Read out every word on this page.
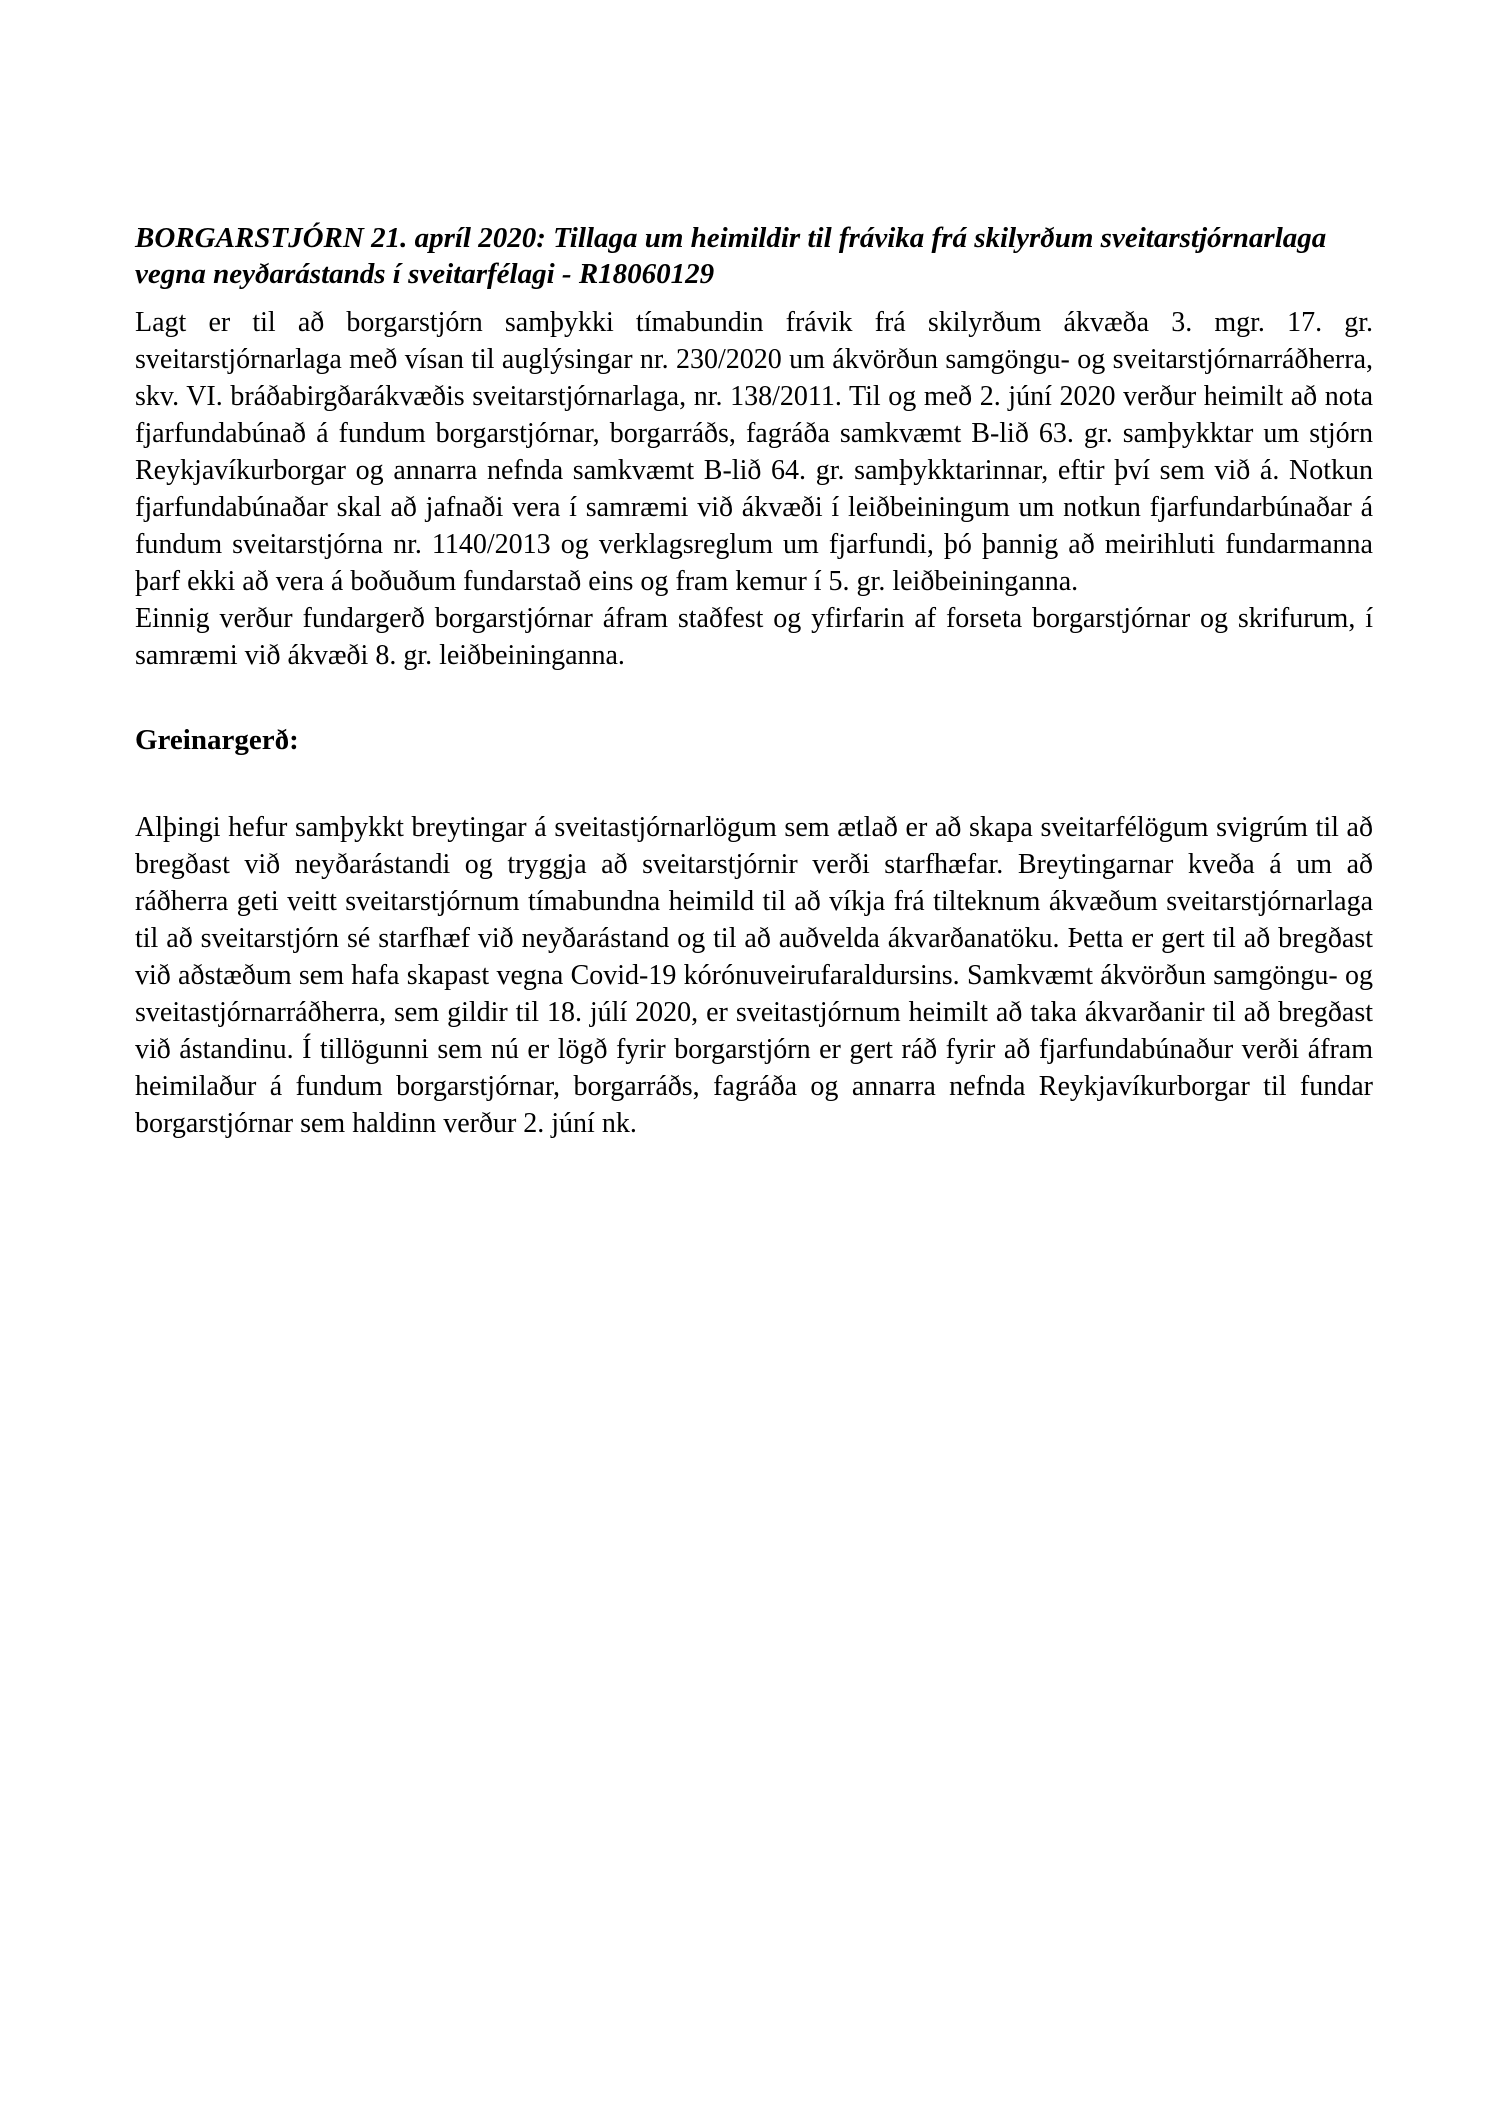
BORGARSTJÓRN 21. apríl 2020: Tillaga um heimildir til frávika frá skilyrðum sveitarstjórnarlaga vegna neyðarástands í sveitarfélagi - R18060129

Lagt er til að borgarstjórn samþykki tímabundin frávik frá skilyrðum ákvæða 3. mgr. 17. gr. sveitarstjórnarlaga með vísan til auglýsingar nr. 230/2020 um ákvörðun samgöngu- og sveitarstjórnarráðherra, skv. VI. bráðabirgðarákvæðis sveitarstjórnarlaga, nr. 138/2011. Til og með 2. júní 2020 verður heimilt að nota fjarfundabúnað á fundum borgarstjórnar, borgarráðs, fagráða samkvæmt B-lið 63. gr. samþykktar um stjórn Reykjavíkurborgar og annarra nefnda samkvæmt B-lið 64. gr. samþykktarinnar, eftir því sem við á. Notkun fjarfundabúnaðar skal að jafnaði vera í samræmi við ákvæði í leiðbeiningum um notkun fjarfundarbúnaðar á fundum sveitarstjórna nr. 1140/2013 og verklagsreglum um fjarfundi, þó þannig að meirihluti fundarmanna þarf ekki að vera á boðuðum fundarstað eins og fram kemur í 5. gr. leiðbeininganna.

Einnig verður fundargerð borgarstjórnar áfram staðfest og yfirfarin af forseta borgarstjórnar og skrifurum, í samræmi við ákvæði 8. gr. leiðbeininganna.

Greinargerð:

Alþingi hefur samþykkt breytingar á sveitastjórnarlögum sem ætlað er að skapa sveitarfélögum svigrúm til að bregðast við neyðarástandi og tryggja að sveitarstjórnir verði starfhæfar. Breytingarnar kveða á um að ráðherra geti veitt sveitarstjórnum tímabundna heimild til að víkja frá tilteknum ákvæðum sveitarstjórnarlaga til að sveitarstjórn sé starfhæf við neyðarástand og til að auðvelda ákvarðanatöku. Þetta er gert til að bregðast við aðstæðum sem hafa skapast vegna Covid-19 kórónuveirufaraldursins. Samkvæmt ákvörðun samgöngu- og sveitastjórnarráðherra, sem gildir til 18. júlí 2020, er sveitastjórnum heimilt að taka ákvarðanir til að bregðast við ástandinu. Í tillögunni sem nú er lögð fyrir borgarstjórn er gert ráð fyrir að fjarfundabúnaður verði áfram heimilaður á fundum borgarstjórnar, borgarráðs, fagráða og annarra nefnda Reykjavíkurborgar til fundar borgarstjórnar sem haldinn verður 2. júní nk.
